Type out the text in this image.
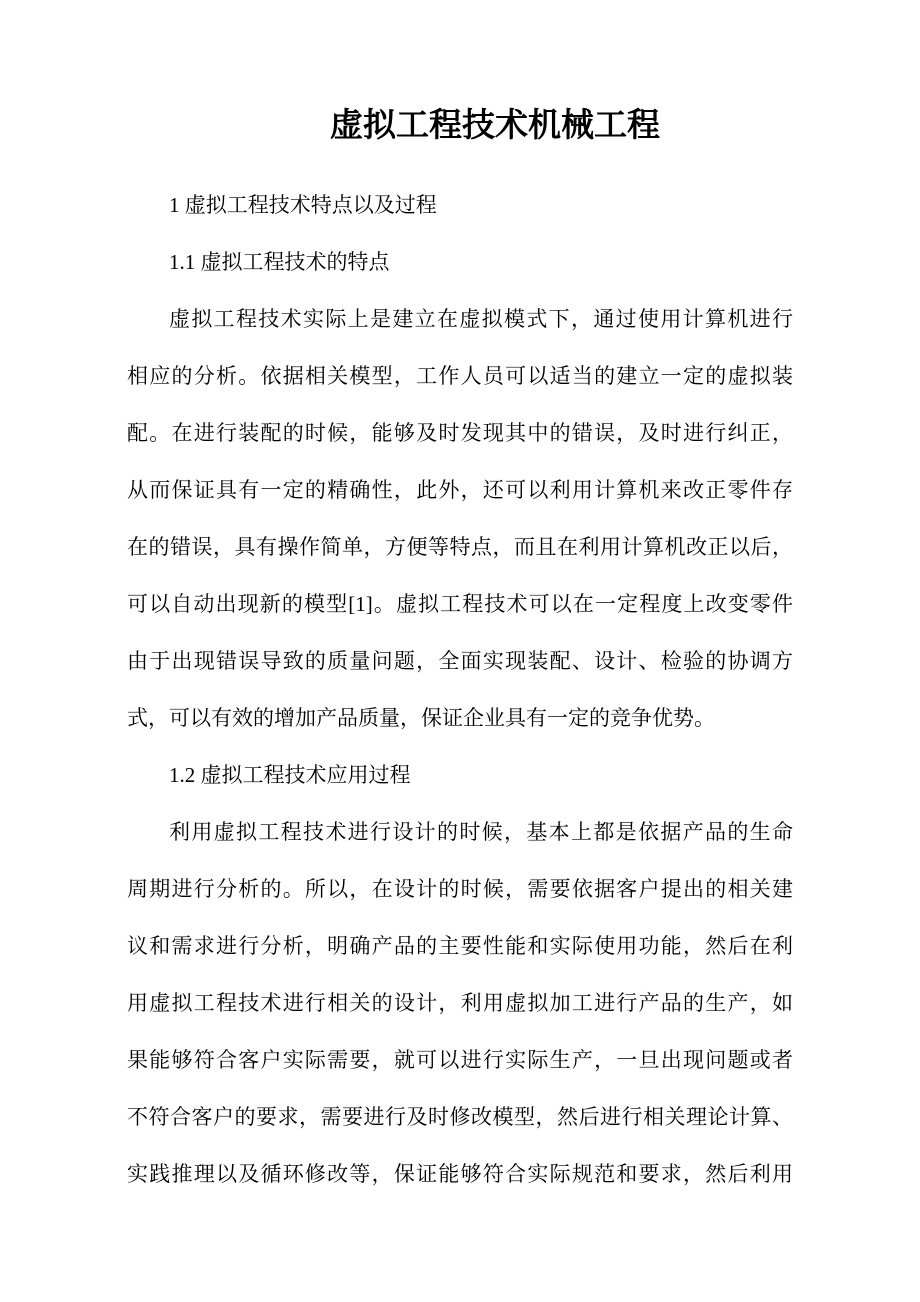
虚拟工程技术机械工程
1 虚拟工程技术特点以及过程
1.1 虚拟工程技术的特点
虚拟工程技术实际上是建立在虚拟模式下，通过使用计算机进行
相应的分析。依据相关模型，工作人员可以适当的建立一定的虚拟装
配。在进行装配的时候，能够及时发现其中的错误，及时进行纠正，
从而保证具有一定的精确性，此外，还可以利用计算机来改正零件存
在的错误，具有操作简单，方便等特点，而且在利用计算机改正以后，
可以自动出现新的模型[1]。虚拟工程技术可以在一定程度上改变零件
由于出现错误导致的质量问题，全面实现装配、设计、检验的协调方
式，可以有效的增加产品质量，保证企业具有一定的竞争优势。
1.2 虚拟工程技术应用过程
利用虚拟工程技术进行设计的时候，基本上都是依据产品的生命
周期进行分析的。所以，在设计的时候，需要依据客户提出的相关建
议和需求进行分析，明确产品的主要性能和实际使用功能，然后在利
用虚拟工程技术进行相关的设计，利用虚拟加工进行产品的生产，如
果能够符合客户实际需要，就可以进行实际生产，一旦出现问题或者
不符合客户的要求，需要进行及时修改模型，然后进行相关理论计算、
实践推理以及循环修改等，保证能够符合实际规范和要求，然后利用
